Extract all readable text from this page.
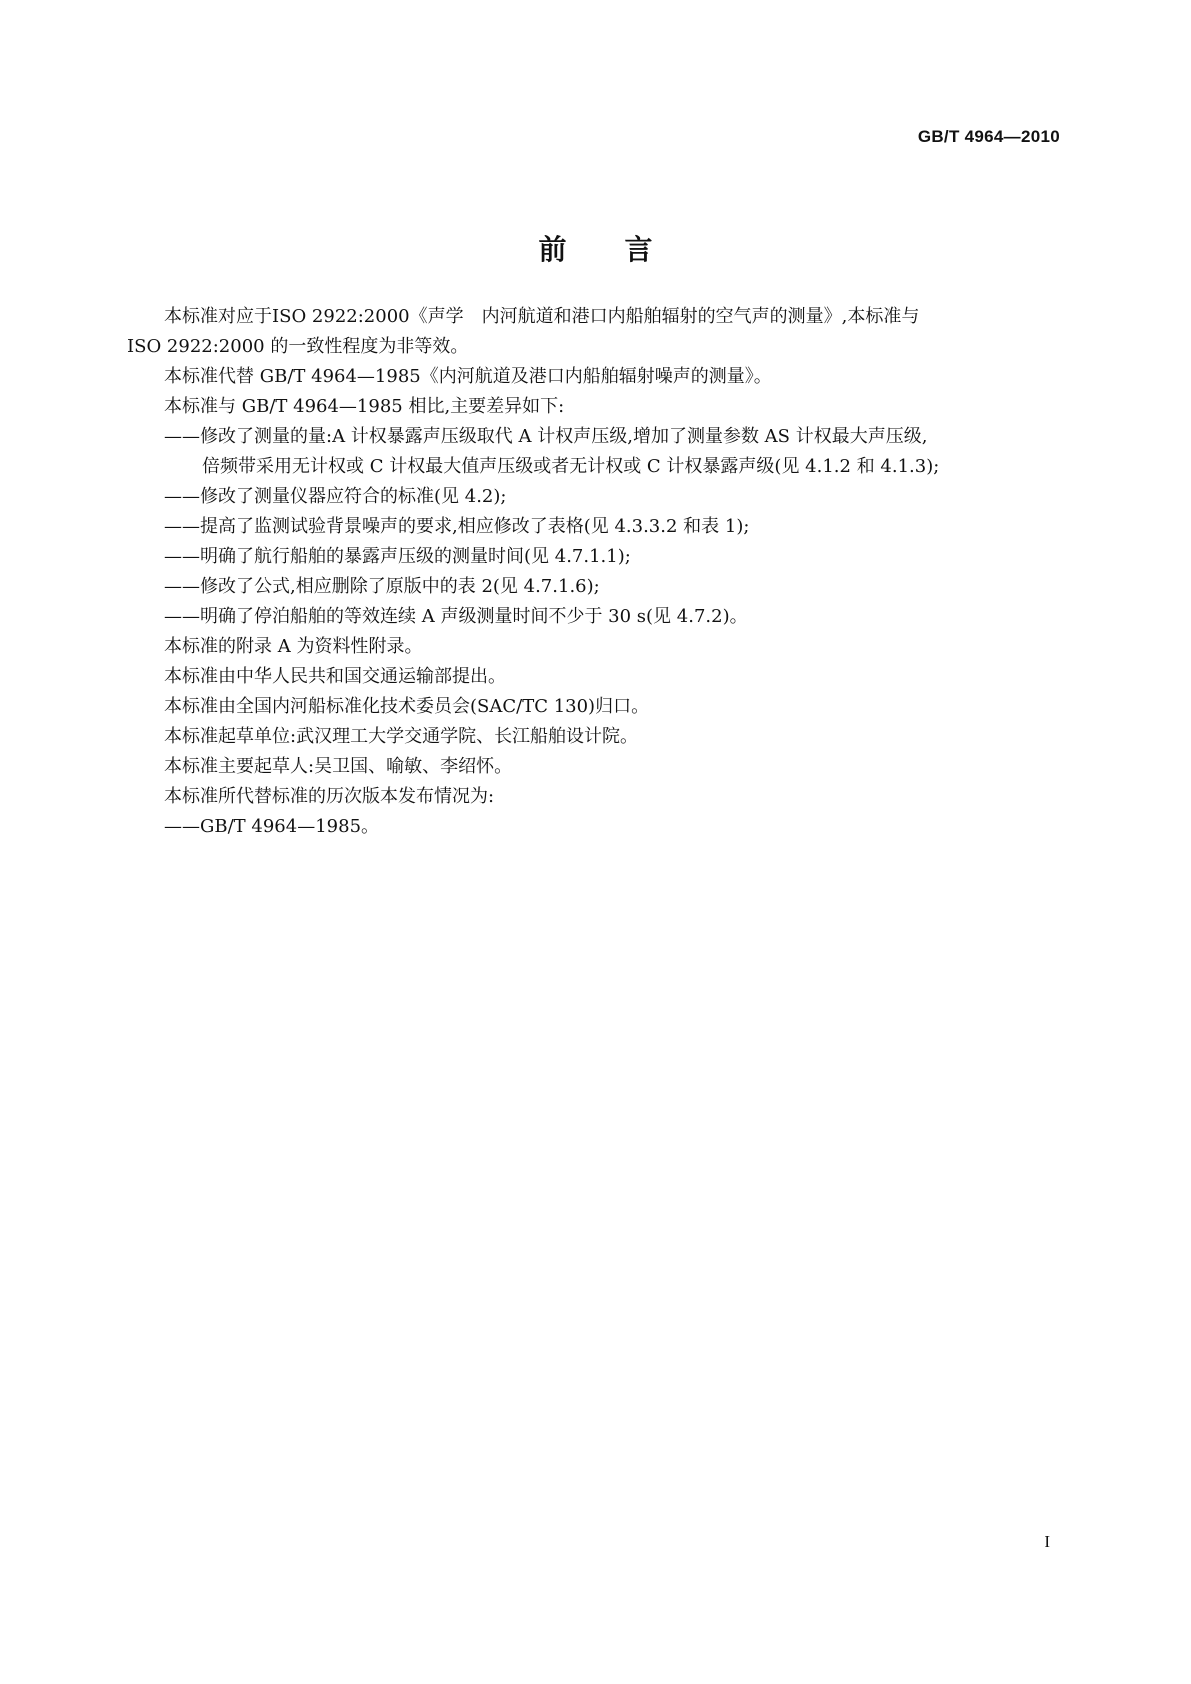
GB/T 4964—2010
前 言
本标准对应于ISO 2922:2000《声学　内河航道和港口内船舶辐射的空气声的测量》,本标准与
ISO 2922:2000 的一致性程度为非等效。
本标准代替 GB/T 4964—1985《内河航道及港口内船舶辐射噪声的测量》。
本标准与 GB/T 4964—1985 相比,主要差异如下:
——修改了测量的量:A 计权暴露声压级取代 A 计权声压级,增加了测量参数 AS 计权最大声压级,
倍频带采用无计权或 C 计权最大值声压级或者无计权或 C 计权暴露声级(见 4.1.2 和 4.1.3);
——修改了测量仪器应符合的标准(见 4.2);
——提高了监测试验背景噪声的要求,相应修改了表格(见 4.3.3.2 和表 1);
——明确了航行船舶的暴露声压级的测量时间(见 4.7.1.1);
——修改了公式,相应删除了原版中的表 2(见 4.7.1.6);
——明确了停泊船舶的等效连续 A 声级测量时间不少于 30 s(见 4.7.2)。
本标准的附录 A 为资料性附录。
本标准由中华人民共和国交通运输部提出。
本标准由全国内河船标准化技术委员会(SAC/TC 130)归口。
本标准起草单位:武汉理工大学交通学院、长江船舶设计院。
本标准主要起草人:吴卫国、喻敏、李绍怀。
本标准所代替标准的历次版本发布情况为:
——GB/T 4964—1985。
I
